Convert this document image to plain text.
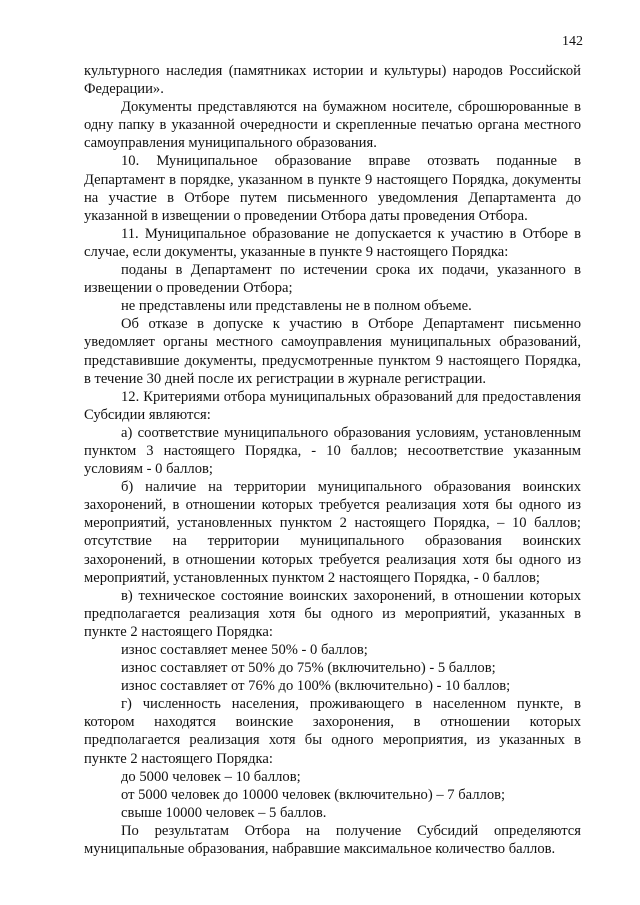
142

культурного наследия (памятниках истории и культуры) народов Российской Федерации».

Документы представляются на бумажном носителе, сброшюрованные в одну папку в указанной очередности и скрепленные печатью органа местного самоуправления муниципального образования.

10. Муниципальное образование вправе отозвать поданные в Департамент в порядке, указанном в пункте 9 настоящего Порядка, документы на участие в Отборе путем письменного уведомления Департамента до указанной в извещении о проведении Отбора даты проведения Отбора.

11. Муниципальное образование не допускается к участию в Отборе в случае, если документы, указанные в пункте 9 настоящего Порядка:

поданы в Департамент по истечении срока их подачи, указанного в извещении о проведении Отбора;

не представлены или представлены не в полном объеме.

Об отказе в допуске к участию в Отборе Департамент письменно уведомляет органы местного самоуправления муниципальных образований, представившие документы, предусмотренные пунктом 9 настоящего Порядка, в течение 30 дней после их регистрации в журнале регистрации.

12. Критериями отбора муниципальных образований для предоставления Субсидии являются:

а) соответствие муниципального образования условиям, установленным пунктом 3 настоящего Порядка, - 10 баллов; несоответствие указанным условиям - 0 баллов;

б) наличие на территории муниципального образования воинских захоронений, в отношении которых требуется реализация хотя бы одного из мероприятий, установленных пунктом 2 настоящего Порядка, – 10 баллов; отсутствие на территории муниципального образования воинских захоронений, в отношении которых требуется реализация хотя бы одного из мероприятий, установленных пунктом 2 настоящего Порядка, - 0 баллов;

в) техническое состояние воинских захоронений, в отношении которых предполагается реализация хотя бы одного из мероприятий, указанных в пункте 2 настоящего Порядка:

износ составляет менее 50% - 0 баллов;

износ составляет от 50% до 75% (включительно) - 5 баллов;

износ составляет от 76% до 100% (включительно) - 10 баллов;

г) численность населения, проживающего в населенном пункте, в котором находятся воинские захоронения, в отношении которых предполагается реализация хотя бы одного мероприятия, из указанных в пункте 2 настоящего Порядка:

до 5000 человек – 10 баллов;

от 5000 человек до 10000 человек (включительно) – 7 баллов;

свыше 10000 человек – 5 баллов.

По результатам Отбора на получение Субсидий определяются муниципальные образования, набравшие максимальное количество баллов.
